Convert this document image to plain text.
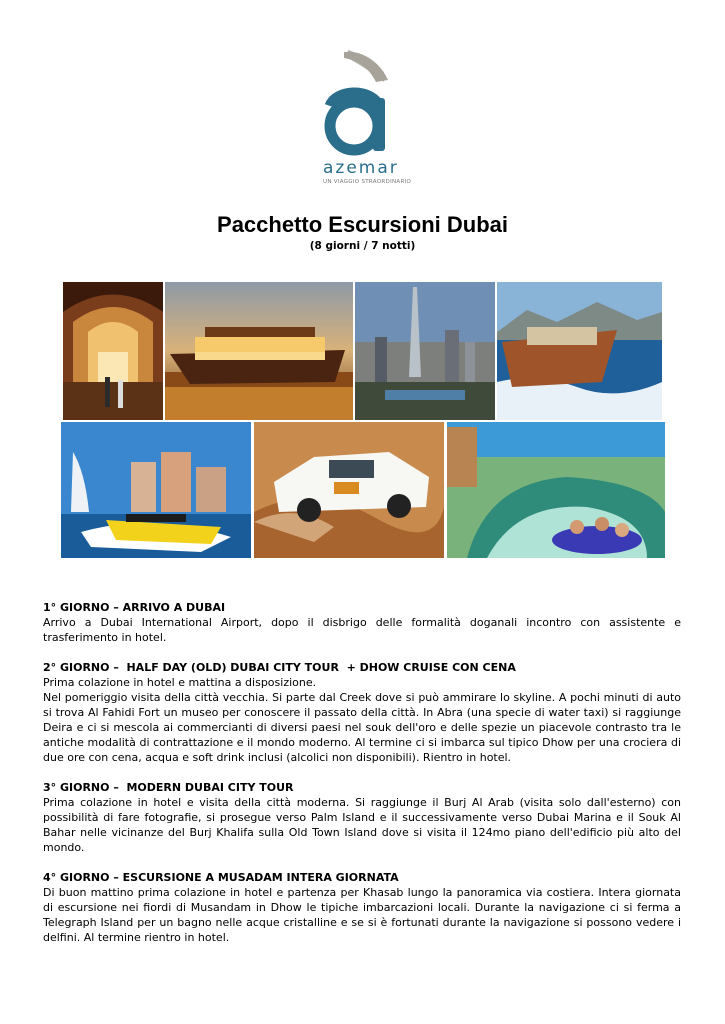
azemar
UN VIAGGIO STRAORDINARIO
Pacchetto Escursioni Dubai
(8 giorni / 7 notti)
1° GIORNO – ARRIVO A DUBAI
Arrivo a Dubai International Airport, dopo il disbrigo delle formalità doganali incontro con assistente e trasferimento in hotel.
2° GIORNO –  HALF DAY (OLD) DUBAI CITY TOUR  + DHOW CRUISE CON CENA
Prima colazione in hotel e mattina a disposizione.
Nel pomeriggio visita della città vecchia. Si parte dal Creek dove si può ammirare lo skyline. A pochi minuti di auto si trova Al Fahidi Fort un museo per conoscere il passato della città. In Abra (una specie di water taxi) si raggiunge Deira e ci si mescola ai commercianti di diversi paesi nel souk dell'oro e delle spezie un piacevole contrasto tra le antiche modalità di contrattazione e il mondo moderno. Al termine ci si imbarca sul tipico Dhow per una crociera di due ore con cena, acqua e soft drink inclusi (alcolici non disponibili). Rientro in hotel.
3° GIORNO –  MODERN DUBAI CITY TOUR
Prima colazione in hotel e visita della città moderna. Si raggiunge il Burj Al Arab (visita solo dall'esterno) con possibilità di fare fotografie, si prosegue verso Palm Island e il successivamente verso Dubai Marina e il Souk Al Bahar nelle vicinanze del Burj Khalifa sulla Old Town Island dove si visita il 124mo piano dell'edificio più alto del mondo.
4° GIORNO – ESCURSIONE A MUSADAM INTERA GIORNATA
Di buon mattino prima colazione in hotel e partenza per Khasab lungo la panoramica via costiera. Intera giornata di escursione nei fiordi di Musandam in Dhow le tipiche imbarcazioni locali. Durante la navigazione ci si ferma a Telegraph Island per un bagno nelle acque cristalline e se si è fortunati durante la navigazione si possono vedere i delfini. Al termine rientro in hotel.
